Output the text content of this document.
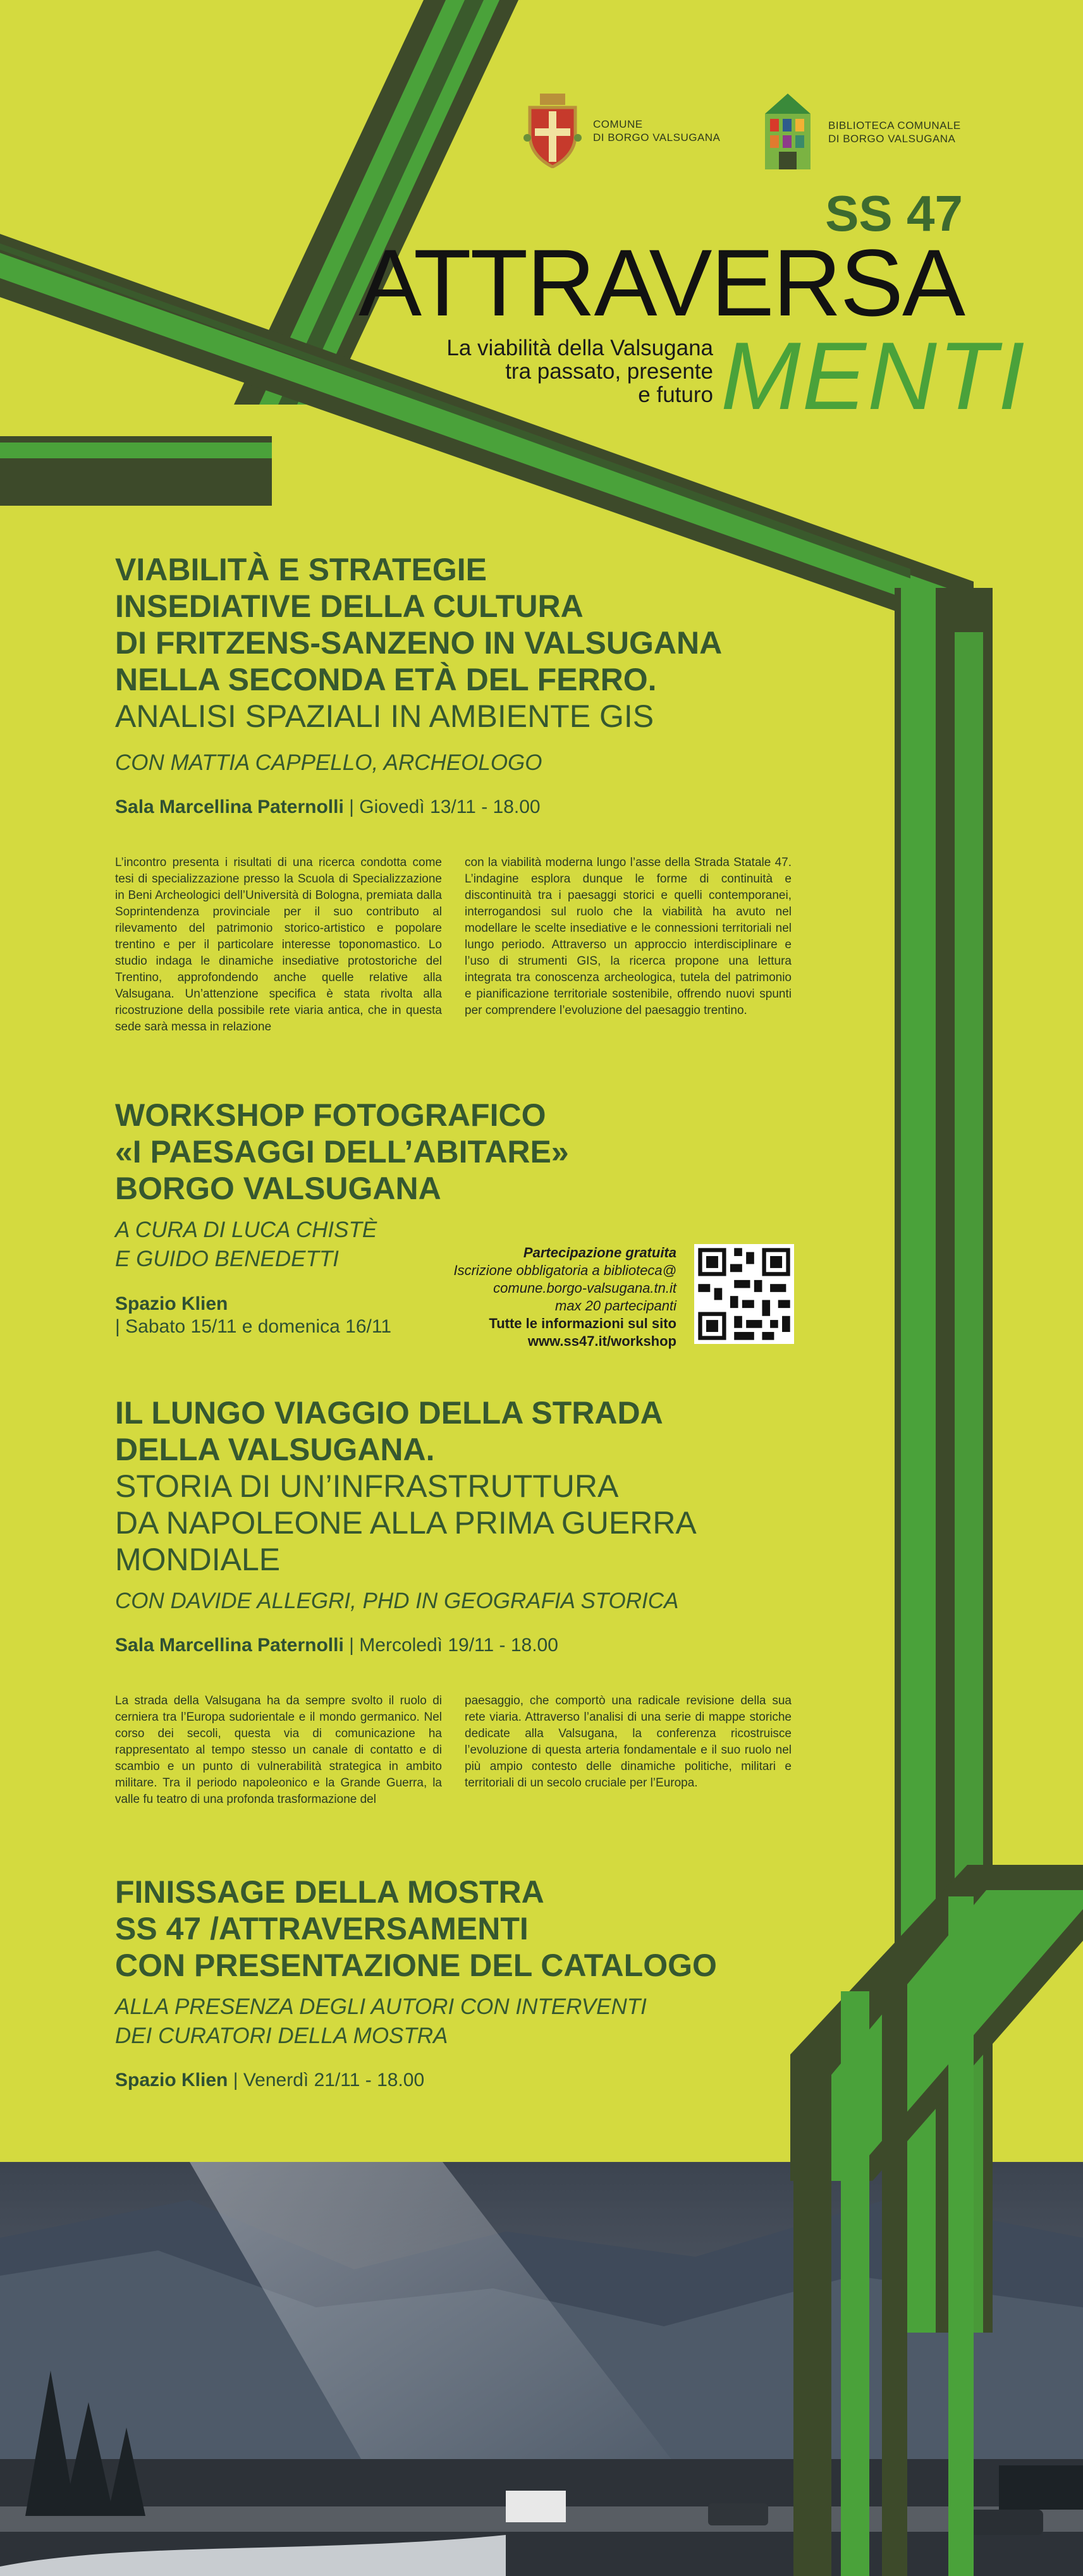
COMUNE
DI BORGO VALSUGANA
BIBLIOTECA COMUNALE
DI BORGO VALSUGANA
SS 47
ATTRAVERSA
La viabilità della Valsugana
tra passato, presente
e futuro MENTI
VIABILITÀ E STRATEGIE
INSEDIATIVE DELLA CULTURA
DI FRITZENS-SANZENO IN VALSUGANA
NELLA SECONDA ETÀ DEL FERRO.
ANALISI SPAZIALI IN AMBIENTE GIS
CON MATTIA CAPPELLO, ARCHEOLOGO
Sala Marcellina Paternolli | Giovedì 13/11 - 18.00
L’incontro presenta i risultati di una ricerca condotta come tesi di specializzazione presso la Scuola di Specializzazione in Beni Archeologici dell’Università di Bologna, premiata dalla Soprintendenza provinciale per il suo contributo al rilevamento del patrimonio storico-artistico e popolare trentino e per il particolare interesse toponomastico. Lo studio indaga le dinamiche insediative protostoriche del Trentino, approfondendo anche quelle relative alla Valsugana. Un’attenzione specifica è stata rivolta alla ricostruzione della possibile rete viaria antica, che in questa sede sarà messa in relazione
con la viabilità moderna lungo l’asse della Strada Statale 47. L’indagine esplora dunque le forme di continuità e discontinuità tra i paesaggi storici e quelli contemporanei, interrogandosi sul ruolo che la viabilità ha avuto nel modellare le scelte insediative e le connessioni territoriali nel lungo periodo. Attraverso un approccio interdisciplinare e l’uso di strumenti GIS, la ricerca propone una lettura integrata tra conoscenza archeologica, tutela del patrimonio e pianificazione territoriale sostenibile, offrendo nuovi spunti per comprendere l’evoluzione del paesaggio trentino.
WORKSHOP FOTOGRAFICO
«I PAESAGGI DELL’ABITARE»
BORGO VALSUGANA
A CURA DI LUCA CHISTÈ
E GUIDO BENEDETTI
Spazio Klien
| Sabato 15/11 e domenica 16/11
Partecipazione gratuita
Iscrizione obbligatoria a biblioteca@
comune.borgo-valsugana.tn.it
max 20 partecipanti
Tutte le informazioni sul sito
www.ss47.it/workshop
IL LUNGO VIAGGIO DELLA STRADA
DELLA VALSUGANA.
STORIA DI UN’INFRASTRUTTURA
DA NAPOLEONE ALLA PRIMA GUERRA
MONDIALE
CON DAVIDE ALLEGRI, PHD IN GEOGRAFIA STORICA
Sala Marcellina Paternolli | Mercoledì 19/11 - 18.00
La strada della Valsugana ha da sempre svolto il ruolo di cerniera tra l’Europa sudorientale e il mondo germanico. Nel corso dei secoli, questa via di comunicazione ha rappresentato al tempo stesso un canale di contatto e di scambio e un punto di vulnerabilità strategica in ambito militare. Tra il periodo napoleonico e la Grande Guerra, la valle fu teatro di una profonda trasformazione del
paesaggio, che comportò una radicale revisione della sua rete viaria. Attraverso l’analisi di una serie di mappe storiche dedicate alla Valsugana, la conferenza ricostruisce l’evoluzione di questa arteria fondamentale e il suo ruolo nel più ampio contesto delle dinamiche politiche, militari e territoriali di un secolo cruciale per l’Europa.
FINISSAGE DELLA MOSTRA
SS 47 /ATTRAVERSAMENTI
CON PRESENTAZIONE DEL CATALOGO
ALLA PRESENZA DEGLI AUTORI CON INTERVENTI
DEI CURATORI DELLA MOSTRA
Spazio Klien | Venerdì 21/11 - 18.00
